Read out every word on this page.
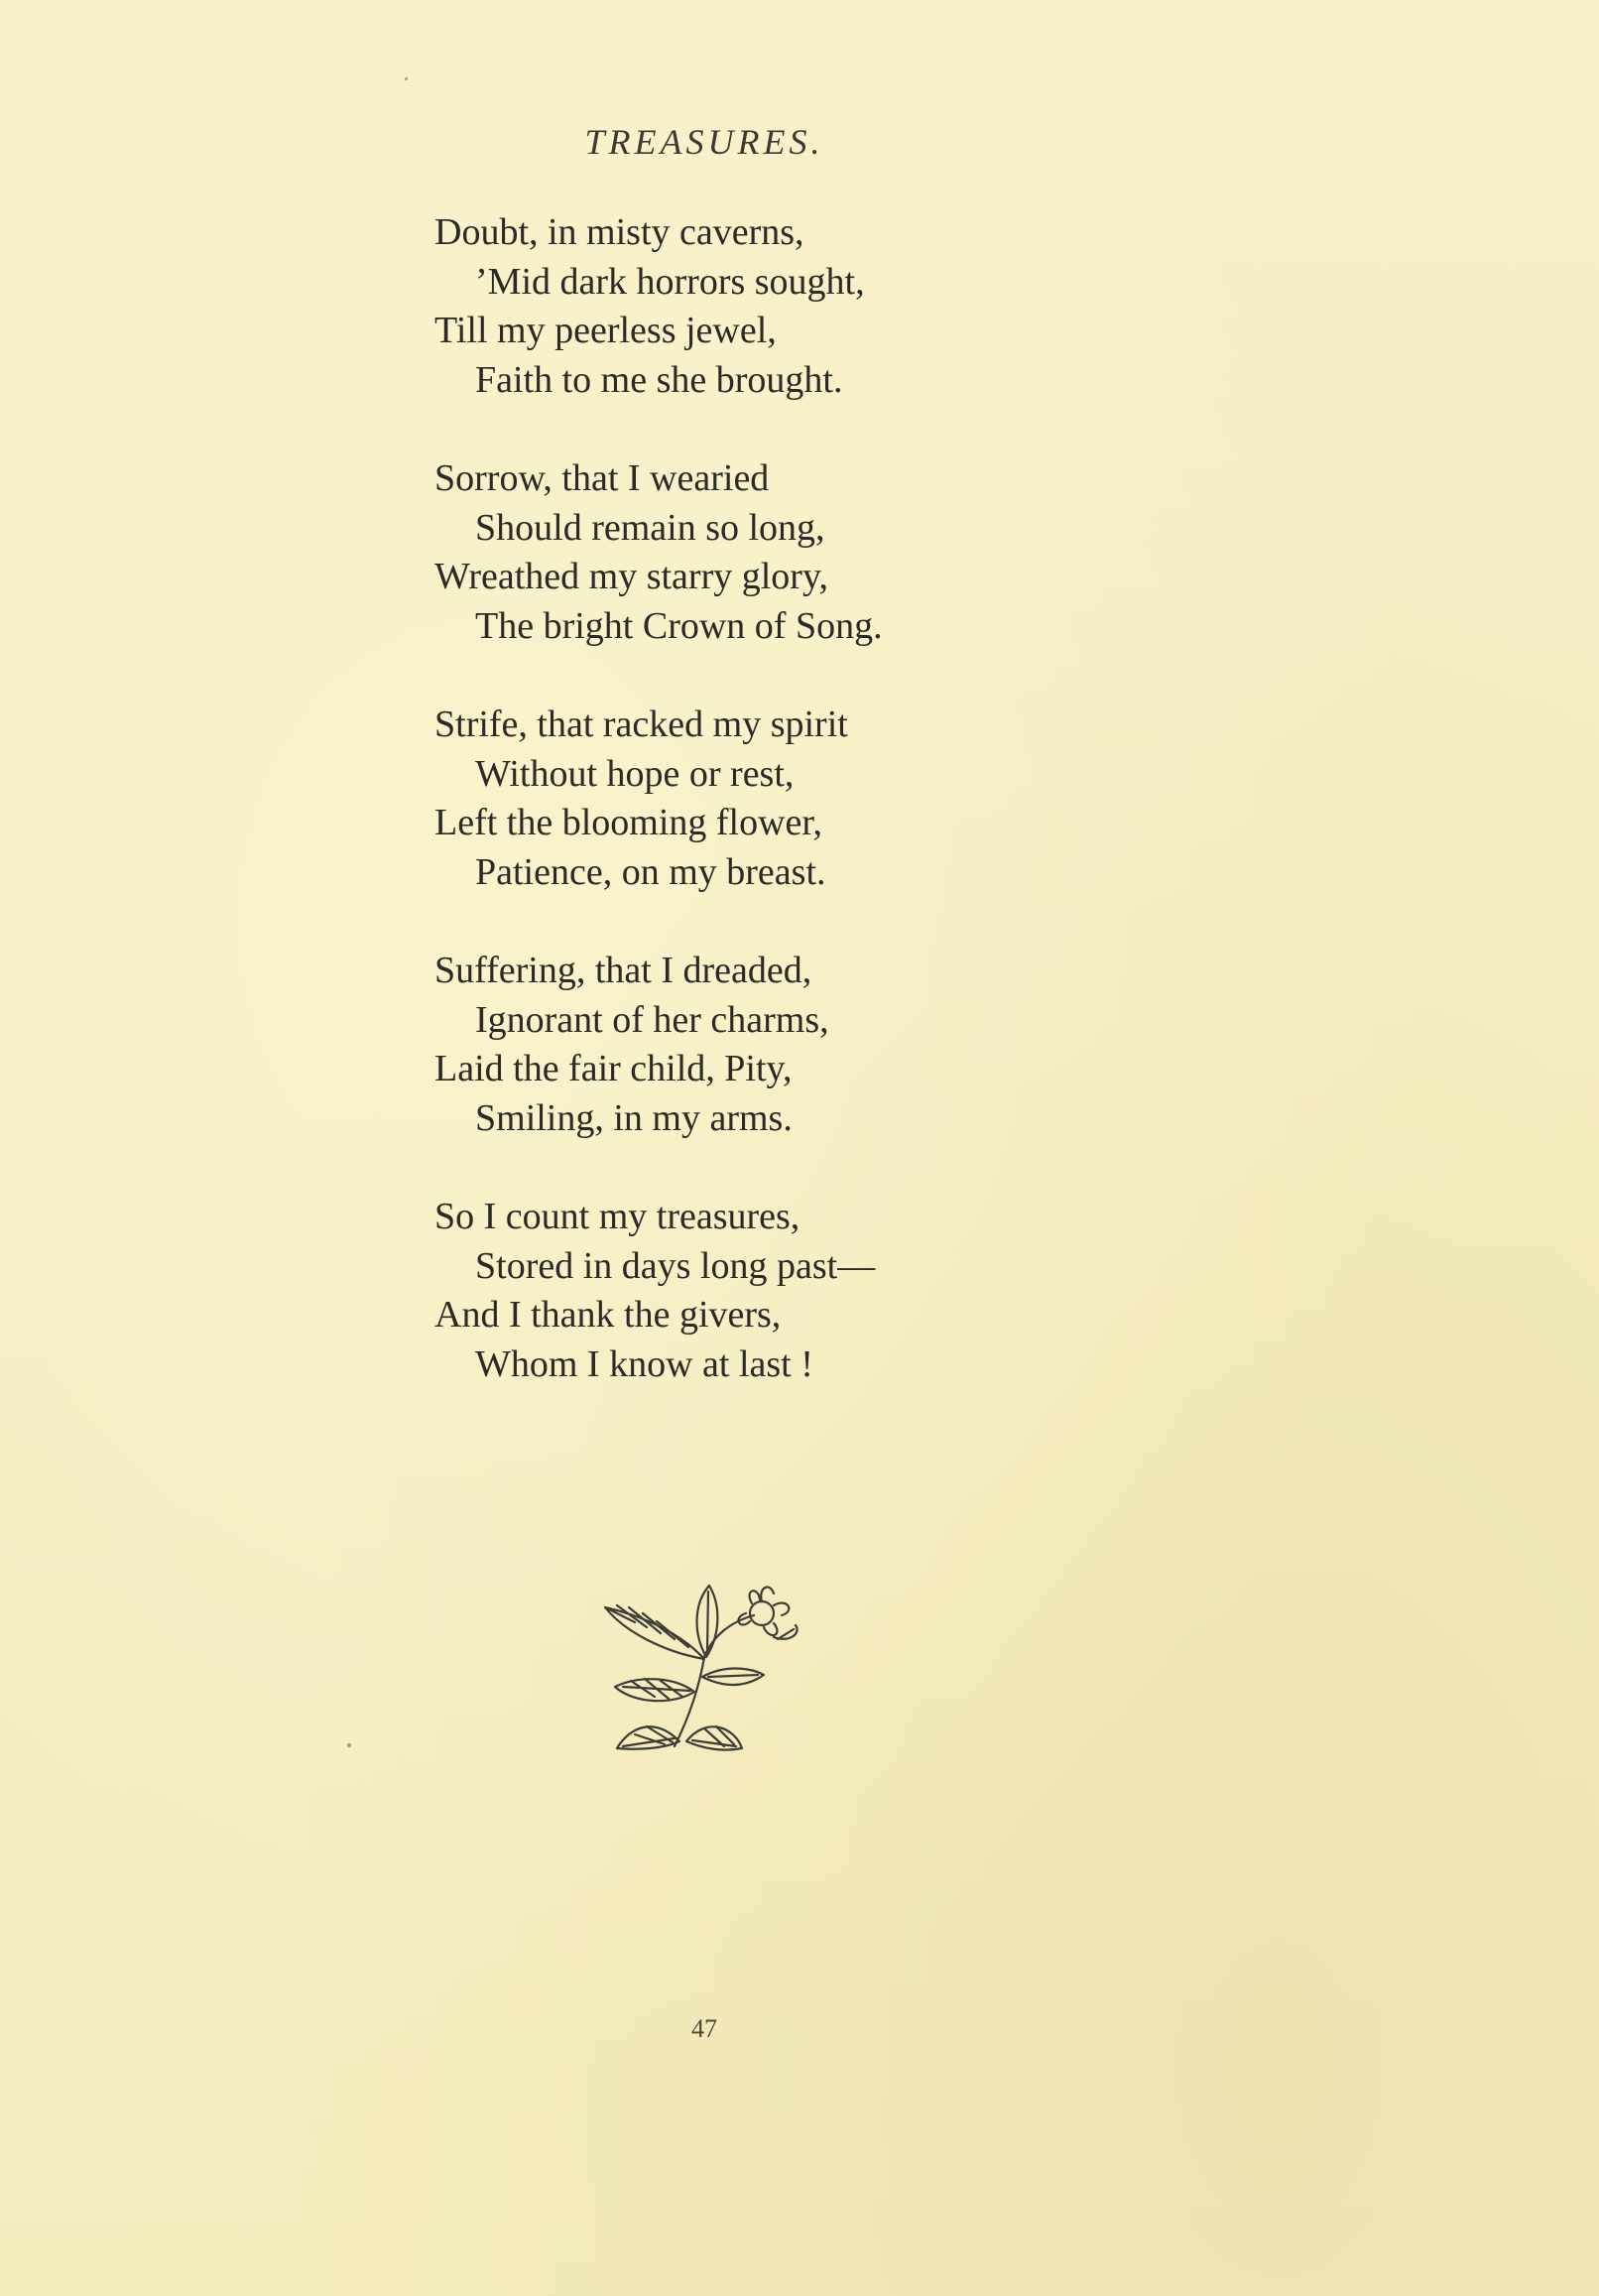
TREASURES.
Doubt, in misty caverns,
’Mid dark horrors sought,
Till my peerless jewel,
Faith to me she brought.
Sorrow, that I wearied
Should remain so long,
Wreathed my starry glory,
The bright Crown of Song.
Strife, that racked my spirit
Without hope or rest,
Left the blooming flower,
Patience, on my breast.
Suffering, that I dreaded,
Ignorant of her charms,
Laid the fair child, Pity,
Smiling, in my arms.
So I count my treasures,
Stored in days long past—
And I thank the givers,
Whom I know at last !
47
